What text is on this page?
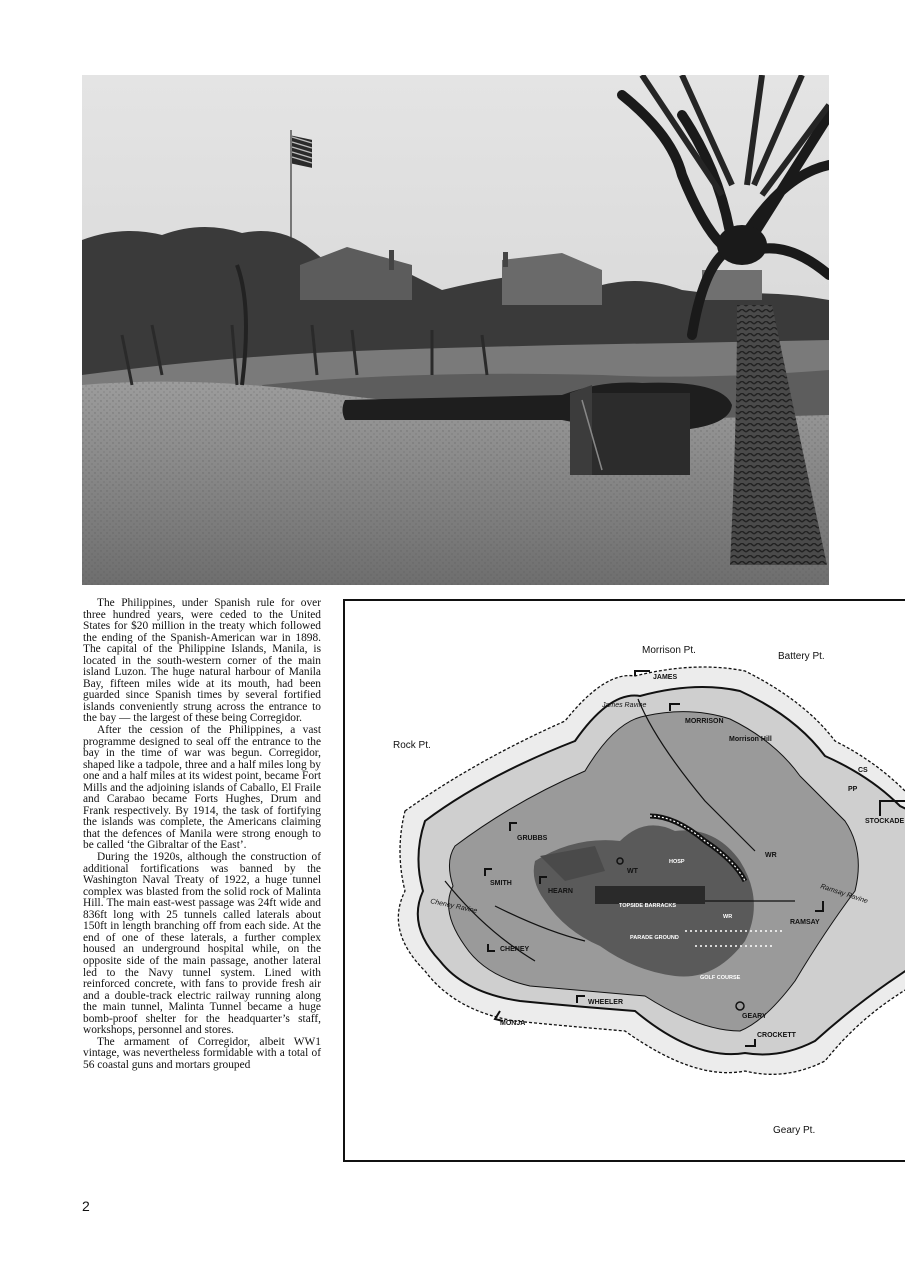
The Philippines, under Spanish rule for over three hundred years, were ceded to the United States for $20 million in the treaty which followed the ending of the Spanish-American war in 1898. The capital of the Philippine Islands, Manila, is located in the south-western corner of the main island Luzon. The huge natural harbour of Manila Bay, fifteen miles wide at its mouth, had been guarded since Spanish times by several fortified islands conveniently strung across the entrance to the bay — the largest of these being Corregidor.

After the cession of the Philippines, a vast programme designed to seal off the entrance to the bay in the time of war was begun. Corregidor, shaped like a tadpole, three and a half miles long by one and a half miles at its widest point, became Fort Mills and the adjoining islands of Caballo, El Fraile and Carabao became Forts Hughes, Drum and Frank respectively. By 1914, the task of fortifying the islands was complete, the Americans claiming that the defences of Manila were strong enough to be called ‘the Gibraltar of the East’.

During the 1920s, although the construction of additional fortifications was banned by the Washington Naval Treaty of 1922, a huge tunnel complex was blasted from the solid rock of Malinta Hill. The main east-west passage was 24ft wide and 836ft long with 25 tunnels called laterals about 150ft in length branching off from each side. At the end of one of these laterals, a further complex housed an underground hospital while, on the opposite side of the main passage, another lateral led to the Navy tunnel system. Lined with reinforced concrete, with fans to provide fresh air and a double-track electric railway running along the main tunnel, Malinta Tunnel became a huge bomb-proof shelter for the headquarter’s staff, workshops, personnel and stores.

The armament of Corregidor, albeit WW1 vintage, was nevertheless formidable with a total of 56 coastal guns and mortars grouped

Morrison Pt.
Battery Pt.
Rock Pt.
Geary Pt.
James Ravine
Cheney Ravine
Ramsay Ravine
JAMES
MORRISON
GRUBBS
SMITH
HEARN
CHENEY
WHEELER
MONJA
GEARY
CROCKETT
RAMSAY
STOCKADE
Morrison Hill
HOSP
WT
WR
WR
TOPSIDE BARRACKS
PARADE GROUND
GOLF COURSE
CS
PP
2
